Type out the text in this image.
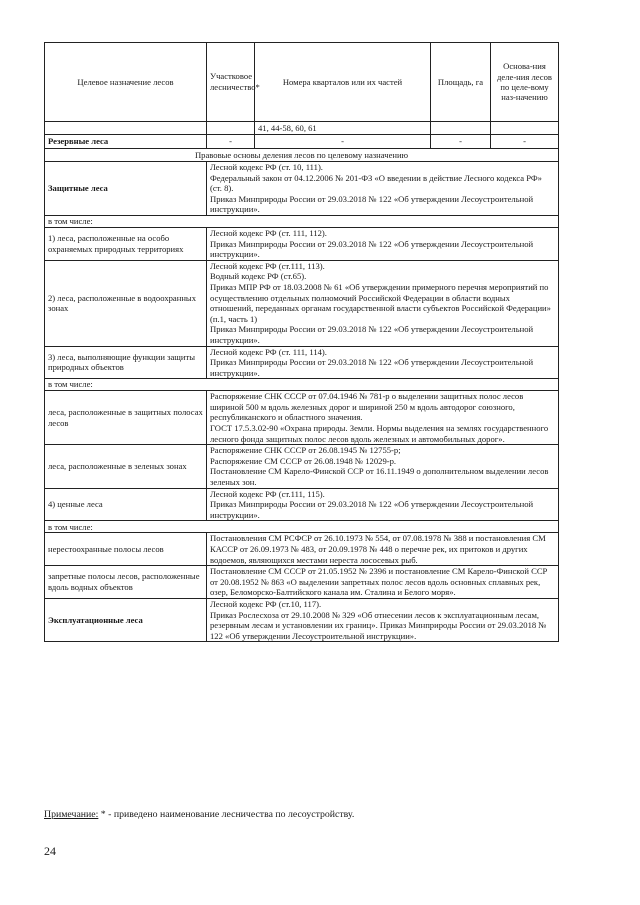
Целевое назначение лесов	Участковое лесничество*	Номера кварталов или их частей	Площадь, га	Основа-ния деле-ния лесов по целе-вому наз-начению
		41, 44-58, 60, 61		
Резервные леса	-	-	-	-
Правовые основы деления лесов по целевому назначению				
Защитные леса	Лесной кодекс РФ (ст. 10, 111).
Федеральный закон от 04.12.2006 № 201-ФЗ «О введении в действие Лесного кодекса РФ» (ст. 8).
Приказ Минприроды России от 29.03.2018 № 122 «Об утверждении Лесоустроительной инструкции».			
в том числе:				
1) леса, расположенные на особо охраняемых природных территориях	Лесной кодекс РФ (ст. 111, 112).
Приказ Минприроды России от 29.03.2018 № 122 «Об утверждении Лесоустроительной инструкции».			
2) леса, расположенные в водоохранных зонах	Лесной кодекс РФ (ст.111, 113).
Водный кодекс РФ (ст.65).
Приказ МПР РФ от 18.03.2008 № 61 «Об утверждении примерного перечня мероприятий по осуществлению отдельных полномочий Российской Федерации в области водных отношений, переданных органам государственной власти субъектов Российской Федерации» (п.1, часть 1)
Приказ Минприроды России от 29.03.2018 № 122 «Об утверждении Лесоустроительной инструкции».			
3) леса, выполняющие функции защиты природных объектов	Лесной кодекс РФ (ст. 111, 114).
Приказ Минприроды России от 29.03.2018 № 122 «Об утверждении Лесоустроительной инструкции».			
в том числе:				
леса, расположенные в защитных полосах лесов	Распоряжение СНК СССР от 07.04.1946 № 781-р о выделении защитных полос лесов шириной 500 м вдоль железных дорог и шириной 250 м вдоль автодорог союзного, республиканского и областного значения.
ГОСТ 17.5.3.02-90 «Охрана природы. Земли. Нормы выделения на землях государственного лесного фонда защитных полос лесов вдоль железных и автомобильных дорог».			
леса, расположенные в зеленых зонах	Распоряжение СНК СССР от 26.08.1945 № 12755-р;
Распоряжение СМ СССР от 26.08.1948 № 12029-р.
Постановление СМ Карело-Финской ССР от 16.11.1949 о дополнительном выделении лесов зеленых зон.			
4) ценные леса	Лесной кодекс РФ (ст.111, 115).
Приказ Минприроды России от 29.03.2018 № 122 «Об утверждении Лесоустроительной инструкции».			
в том числе:				
нерестоохранные полосы лесов	Постановления СМ РСФСР от 26.10.1973 № 554, от 07.08.1978 № 388 и постановления СМ КАССР от 26.09.1973 № 483, от 20.09.1978 № 448 о перечне рек, их притоков и других водоемов, являющихся местами нереста лососевых рыб.			
запретные полосы лесов, расположенные вдоль водных объектов	Постановление СМ СССР от 21.05.1952 № 2396 и постановление СМ Карело-Финской ССР от 20.08.1952 № 863 «О выделении запретных полос лесов вдоль основных сплавных рек, озер, Беломорско-Балтийского канала им. Сталина и Белого моря».			
Эксплуатационные леса	Лесной кодекс РФ (ст.10, 117).
Приказ Рослесхоза от 29.10.2008 № 329 «Об отнесении лесов к эксплуатационным лесам, резервным лесам и установлении их границ». Приказ Минприроды России от 29.03.2018 № 122 «Об утверждении Лесоустроительной инструкции».			
Примечание: * - приведено наименование лесничества по лесоустройству.
24
